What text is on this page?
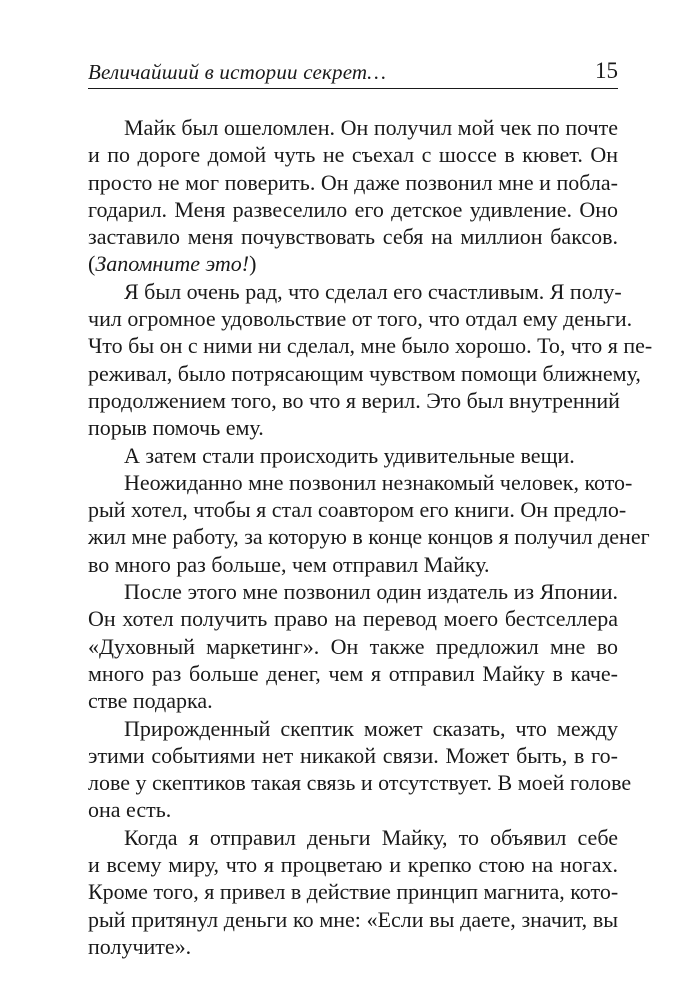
Величайший в истории секрет…	15
Майк был ошеломлен. Он получил мой чек по почте
и по дороге домой чуть не съехал с шоссе в кювет. Он
просто не мог поверить. Он даже позвонил мне и побла-
годарил. Меня развеселило его детское удивление. Оно
заставило меня почувствовать себя на миллион баксов.
(Запомните это!)
Я был очень рад, что сделал его счастливым. Я полу-
чил огромное удовольствие от того, что отдал ему деньги.
Что бы он с ними ни сделал, мне было хорошо. То, что я пе-
реживал, было потрясающим чувством помощи ближнему,
продолжением того, во что я верил. Это был внутренний
порыв помочь ему.
А затем стали происходить удивительные вещи.
Неожиданно мне позвонил незнакомый человек, кото-
рый хотел, чтобы я стал соавтором его книги. Он предло-
жил мне работу, за которую в конце концов я получил денег
во много раз больше, чем отправил Майку.
После этого мне позвонил один издатель из Японии.
Он хотел получить право на перевод моего бестселлера
«Духовный маркетинг». Он также предложил мне во
много раз больше денег, чем я отправил Майку в каче-
стве подарка.
Прирожденный скептик может сказать, что между
этими событиями нет никакой связи. Может быть, в го-
лове у скептиков такая связь и отсутствует. В моей голове
она есть.
Когда я отправил деньги Майку, то объявил себе
и всему миру, что я процветаю и крепко стою на ногах.
Кроме того, я привел в действие принцип магнита, кото-
рый притянул деньги ко мне: «Если вы даете, значит, вы
получите».
